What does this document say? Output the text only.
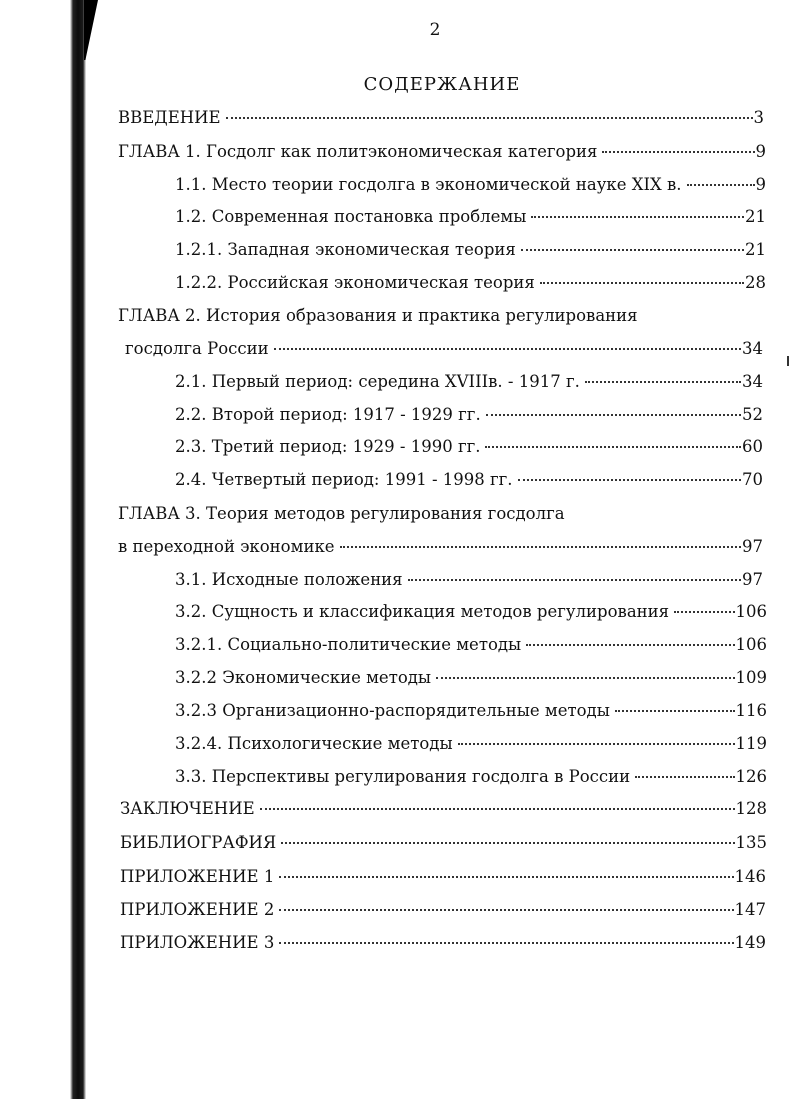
2
СОДЕРЖАНИЕ
ВВЕДЕНИЕ	3
ГЛАВА 1. Госдолг как политэкономическая категория	9
1.1. Место теории госдолга в экономической науке XIX в.	9
1.2. Современная постановка проблемы	21
1.2.1. Западная экономическая теория	21
1.2.2. Российская экономическая теория	28
ГЛАВА 2. История образования и практика регулирования
госдолга России	34
2.1. Первый период: середина XVIIIв. - 1917 г.	34
2.2. Второй период: 1917 - 1929 гг.	52
2.3. Третий период: 1929 - 1990 гг.	60
2.4. Четвертый период: 1991 - 1998 гг.	70
ГЛАВА 3. Теория методов регулирования госдолга
в переходной экономике	97
3.1. Исходные положения	97
3.2. Сущность и классификация методов регулирования	106
3.2.1. Социально-политические методы	106
3.2.2 Экономические методы	109
3.2.3 Организационно-распорядительные методы	116
3.2.4. Психологические методы	119
3.3. Перспективы регулирования госдолга в России	126
ЗАКЛЮЧЕНИЕ	128
БИБЛИОГРАФИЯ	135
ПРИЛОЖЕНИЕ 1	146
ПРИЛОЖЕНИЕ 2	147
ПРИЛОЖЕНИЕ 3	149
